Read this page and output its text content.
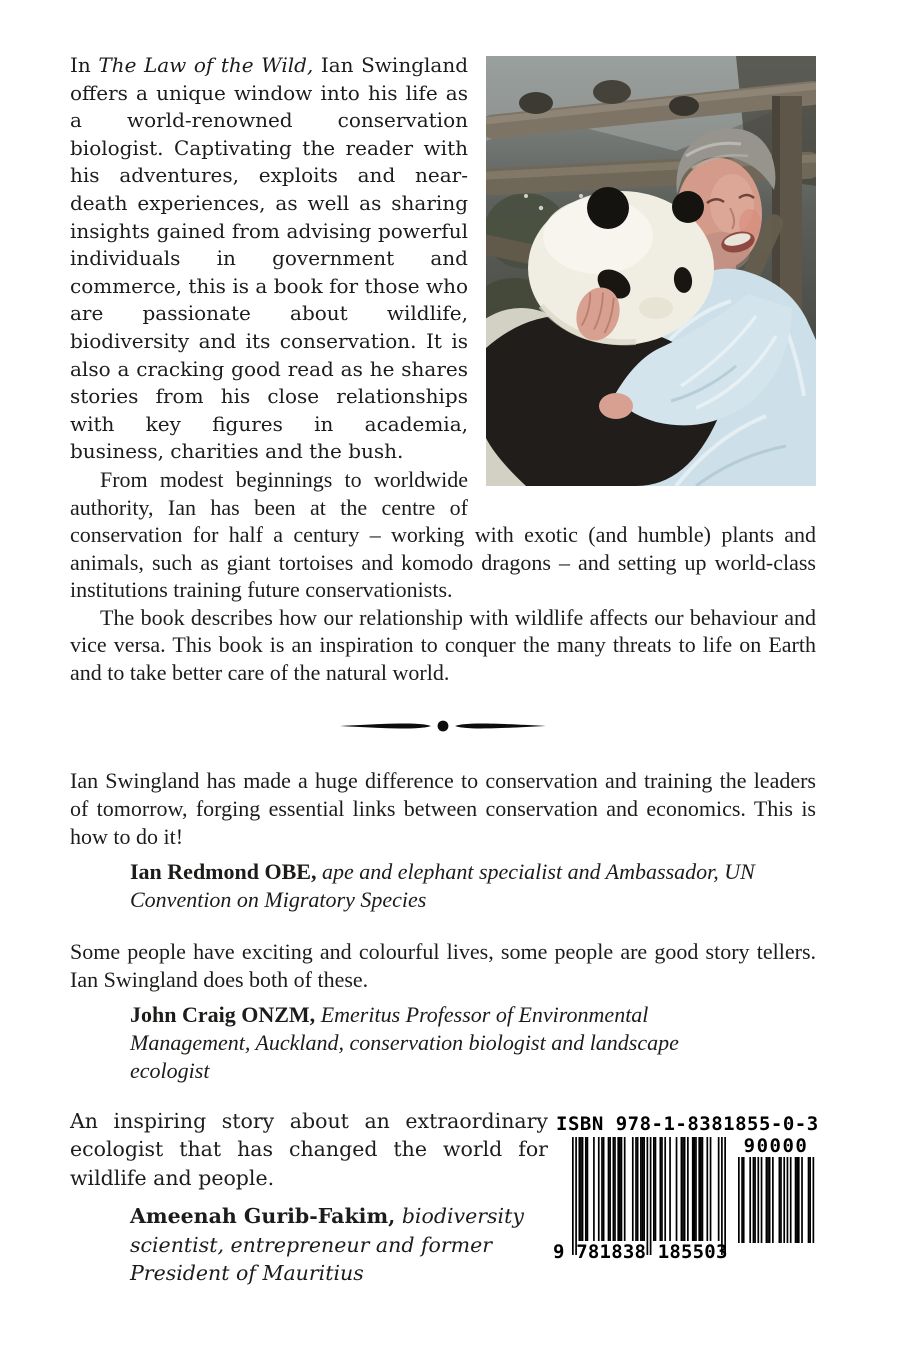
In The Law of the Wild, Ian Swingland offers a unique window into his life as a world-renowned conservation biologist. Captivating the reader with his adventures, exploits and near-death experiences, as well as sharing insights gained from advising powerful individuals in government and commerce, this is a book for those who are passionate about wildlife, biodiversity and its conservation. It is also a cracking good read as he shares stories from his close relationships with key figures in academia, business, charities and the bush.

From modest beginnings to worldwide authority, Ian has been at the centre of conservation for half a century – working with exotic (and humble) plants and animals, such as giant tortoises and komodo dragons – and setting up world-class institutions training future conservationists.

The book describes how our relationship with wildlife affects our behaviour and vice versa. This book is an inspiration to conquer the many threats to life on Earth and to take better care of the natural world.

Ian Swingland has made a huge difference to conservation and training the leaders of tomorrow, forging essential links between conservation and economics. This is how to do it!

Ian Redmond OBE, ape and elephant specialist and Ambassador, UN Convention on Migratory Species

Some people have exciting and colourful lives, some people are good story tellers. Ian Swingland does both of these.

John Craig ONZM, Emeritus Professor of Environmental Management, Auckland, conservation biologist and landscape ecologist

An inspiring story about an extraordinary ecologist that has changed the world for wildlife and people.

Ameenah Gurib-Fakim, biodiversity scientist, entrepreneur and former President of Mauritius

ISBN 978-1-8381855-0-3
9 781838 185503
90000
